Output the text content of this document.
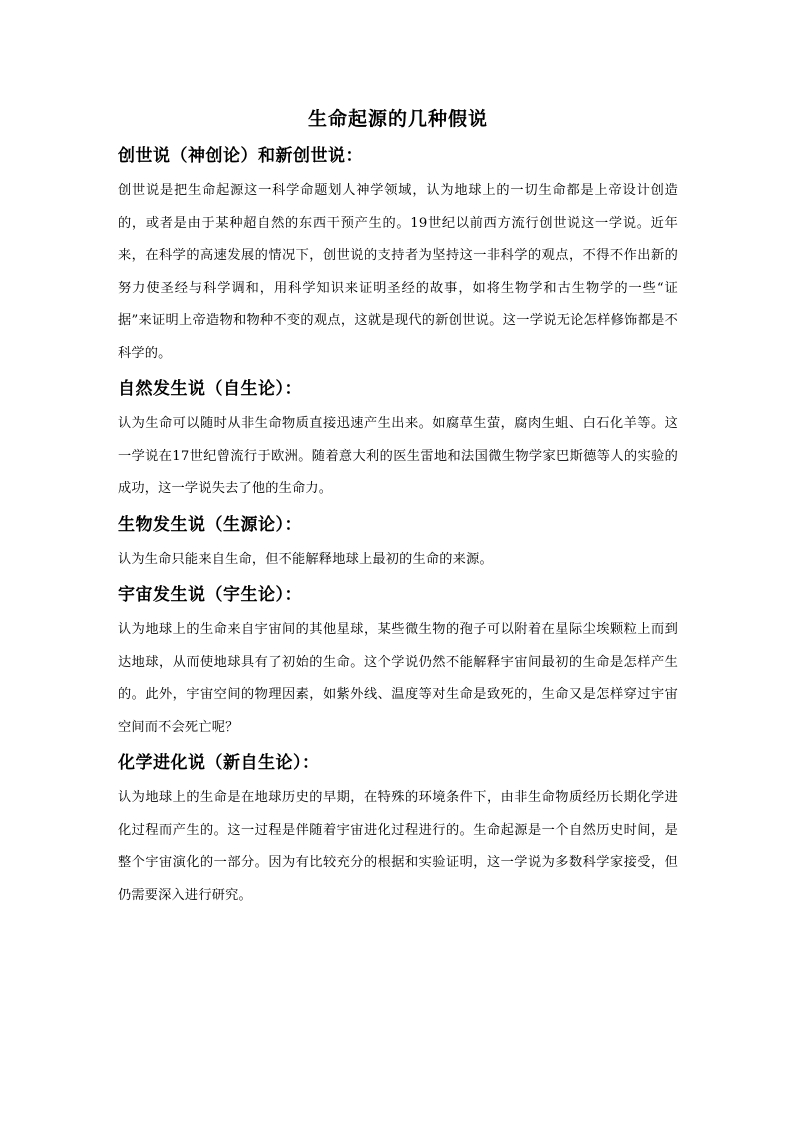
生命起源的几种假说
创世说（神创论）和新创世说：

创世说是把生命起源这一科学命题划人神学领域，认为地球上的一切生命都是上帝设计创造的，或者是由于某种超自然的东西干预产生的。19世纪以前西方流行创世说这一学说。近年来，在科学的高速发展的情况下，创世说的支持者为坚持这一非科学的观点，不得不作出新的努力使圣经与科学调和，用科学知识来证明圣经的故事，如将生物学和古生物学的一些“证据”来证明上帝造物和物种不变的观点，这就是现代的新创世说。这一学说无论怎样修饰都是不科学的。

自然发生说（自生论）：

认为生命可以随时从非生命物质直接迅速产生出来。如腐草生萤，腐肉生蛆、白石化羊等。这一学说在17世纪曾流行于欧洲。随着意大利的医生雷地和法国微生物学家巴斯德等人的实验的成功，这一学说失去了他的生命力。

生物发生说（生源论）：

认为生命只能来自生命，但不能解释地球上最初的生命的来源。

宇宙发生说（宇生论）：

认为地球上的生命来自宇宙间的其他星球，某些微生物的孢子可以附着在星际尘埃颗粒上而到达地球，从而使地球具有了初始的生命。这个学说仍然不能解释宇宙间最初的生命是怎样产生的。此外，宇宙空间的物理因素，如紫外线、温度等对生命是致死的，生命又是怎样穿过宇宙空间而不会死亡呢？

化学进化说（新自生论）：

认为地球上的生命是在地球历史的早期，在特殊的环境条件下，由非生命物质经历长期化学进化过程而产生的。这一过程是伴随着宇宙进化过程进行的。生命起源是一个自然历史时间，是整个宇宙演化的一部分。因为有比较充分的根据和实验证明，这一学说为多数科学家接受，但仍需要深入进行研究。
